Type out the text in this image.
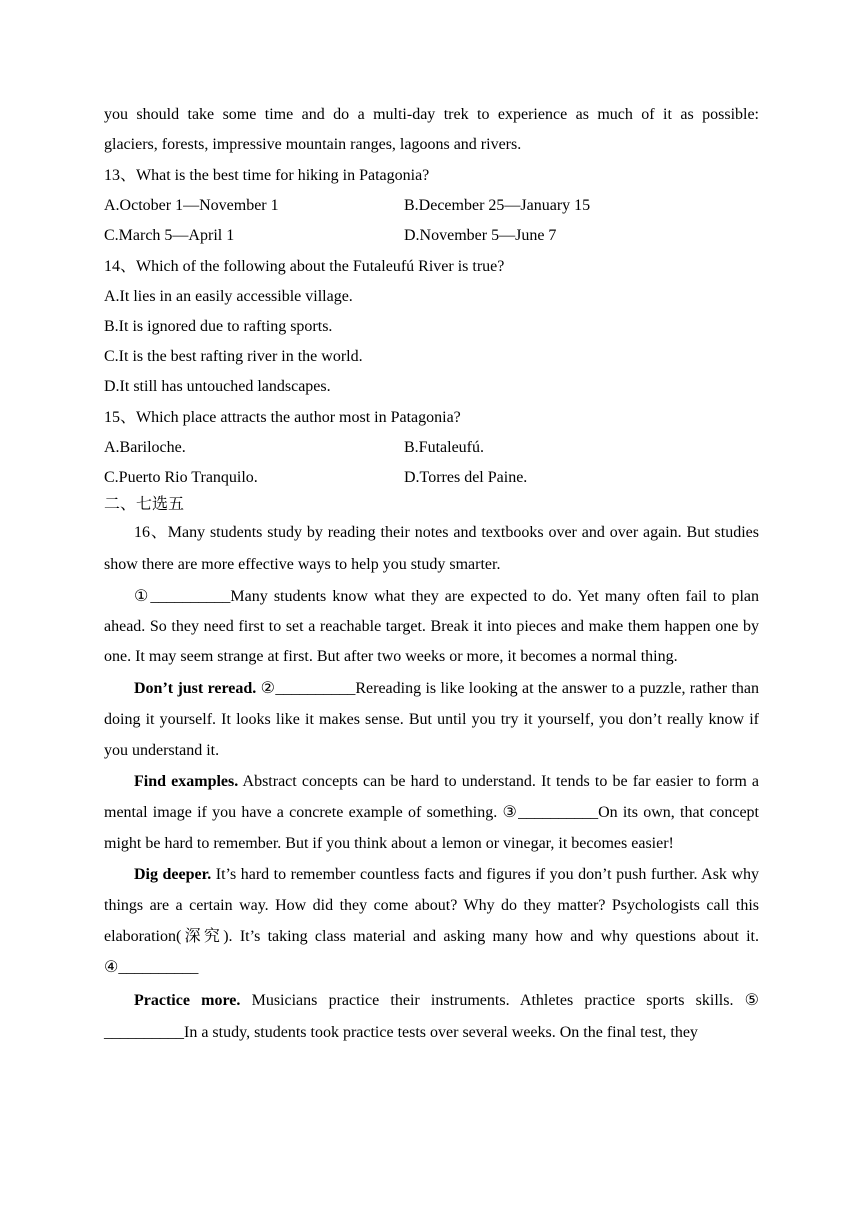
you should take some time and do a multi-day trek to experience as much of it as possible:

glaciers, forests, impressive mountain ranges, lagoons and rivers.

13、What is the best time for hiking in Patagonia?

A.October 1—November 1	B.December 25—January 15
C.March 5—April 1	D.November 5—June 7

14、Which of the following about the Futaleufú River is true?

A.It lies in an easily accessible village.
B.It is ignored due to rafting sports.
C.It is the best rafting river in the world.
D.It still has untouched landscapes.

15、Which place attracts the author most in Patagonia?

A.Bariloche.	B.Futaleufú.
C.Puerto Rio Tranquilo.	D.Torres del Paine.

二、七选五

16、Many students study by reading their notes and textbooks over and over again. But studies show there are more effective ways to help you study smarter.

①__________Many students know what they are expected to do. Yet many often fail to plan ahead. So they need first to set a reachable target. Break it into pieces and make them happen one by one. It may seem strange at first. But after two weeks or more, it becomes a normal thing.

Don’t just reread. ②__________Rereading is like looking at the answer to a puzzle, rather than doing it yourself. It looks like it makes sense. But until you try it yourself, you don’t really know if you understand it.

Find examples. Abstract concepts can be hard to understand. It tends to be far easier to form a mental image if you have a concrete example of something. ③__________On its own, that concept might be hard to remember. But if you think about a lemon or vinegar, it becomes easier!

Dig deeper. It’s hard to remember countless facts and figures if you don’t push further. Ask why things are a certain way. How did they come about? Why do they matter? Psychologists call this elaboration(深究). It’s taking class material and asking many how and why questions about it. ④__________

Practice more. Musicians practice their instruments. Athletes practice sports skills. ⑤ __________In a study, students took practice tests over several weeks. On the final test, they
